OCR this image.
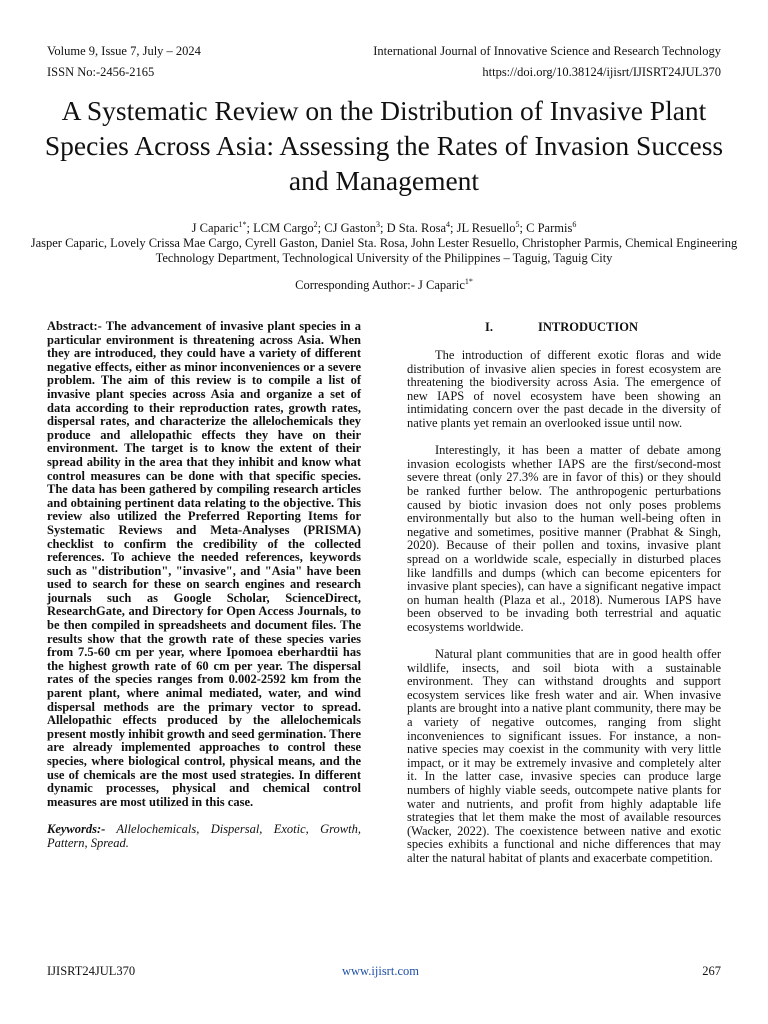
Volume 9, Issue 7, July – 2024	International Journal of Innovative Science and Research Technology
ISSN No:-2456-2165	https://doi.org/10.38124/ijisrt/IJISRT24JUL370
A Systematic Review on the Distribution of Invasive Plant Species Across Asia: Assessing the Rates of Invasion Success and Management
J Caparic$^{1*}$; LCM Cargo$^2$; CJ Gaston$^3$; D Sta. Rosa$^4$; JL Resuello$^5$; C Parmis$^6$
Jasper Caparic, Lovely Crissa Mae Cargo, Cyrell Gaston, Daniel Sta. Rosa, John Lester Resuello, Christopher Parmis, Chemical Engineering Technology Department, Technological University of the Philippines – Taguig, Taguig City
Corresponding Author:- J Caparic$^{1*}$

Abstract:- The advancement of invasive plant species in a particular environment is threatening across Asia. When they are introduced, they could have a variety of different negative effects, either as minor inconveniences or a severe problem. The aim of this review is to compile a list of invasive plant species across Asia and organize a set of data according to their reproduction rates, growth rates, dispersal rates, and characterize the allelochemicals they produce and allelopathic effects they have on their environment. The target is to know the extent of their spread ability in the area that they inhibit and know what control measures can be done with that specific species. The data has been gathered by compiling research articles and obtaining pertinent data relating to the objective. This review also utilized the Preferred Reporting Items for Systematic Reviews and Meta-Analyses (PRISMA) checklist to confirm the credibility of the collected references. To achieve the needed references, keywords such as "distribution", "invasive", and "Asia" have been used to search for these on search engines and research journals such as Google Scholar, ScienceDirect, ResearchGate, and Directory for Open Access Journals, to be then compiled in spreadsheets and document files. The results show that the growth rate of these species varies from 7.5-60 cm per year, where Ipomoea eberhardtii has the highest growth rate of 60 cm per year. The dispersal rates of the species ranges from 0.002-2592 km from the parent plant, where animal mediated, water, and wind dispersal methods are the primary vector to spread. Allelopathic effects produced by the allelochemicals present mostly inhibit growth and seed germination. There are already implemented approaches to control these species, where biological control, physical means, and the use of chemicals are the most used strategies. In different dynamic processes, physical and chemical control measures are most utilized in this case.

Keywords:- Allelochemicals, Dispersal, Exotic, Growth, Pattern, Spread.

I.	INTRODUCTION

The introduction of different exotic floras and wide distribution of invasive alien species in forest ecosystem are threatening the biodiversity across Asia. The emergence of new IAPS of novel ecosystem have been showing an intimidating concern over the past decade in the diversity of native plants yet remain an overlooked issue until now.

Interestingly, it has been a matter of debate among invasion ecologists whether IAPS are the first/second-most severe threat (only 27.3% are in favor of this) or they should be ranked further below. The anthropogenic perturbations caused by biotic invasion does not only poses problems environmentally but also to the human well-being often in negative and sometimes, positive manner (Prabhat & Singh, 2020). Because of their pollen and toxins, invasive plant spread on a worldwide scale, especially in disturbed places like landfills and dumps (which can become epicenters for invasive plant species), can have a significant negative impact on human health (Plaza et al., 2018). Numerous IAPS have been observed to be invading both terrestrial and aquatic ecosystems worldwide.

Natural plant communities that are in good health offer wildlife, insects, and soil biota with a sustainable environment. They can withstand droughts and support ecosystem services like fresh water and air. When invasive plants are brought into a native plant community, there may be a variety of negative outcomes, ranging from slight inconveniences to significant issues. For instance, a non-native species may coexist in the community with very little impact, or it may be extremely invasive and completely alter it. In the latter case, invasive species can produce large numbers of highly viable seeds, outcompete native plants for water and nutrients, and profit from highly adaptable life strategies that let them make the most of available resources (Wacker, 2022). The coexistence between native and exotic species exhibits a functional and niche differences that may alter the natural habitat of plants and exacerbate competition.

IJISRT24JUL370	www.ijisrt.com	267
